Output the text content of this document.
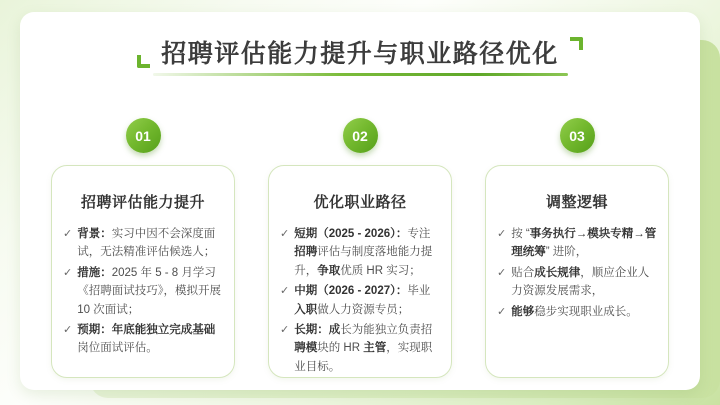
招聘评估能力提升与职业路径优化
01	02	03
招聘评估能力提升
✓ 背景：实习中因不会深度面试，无法精准评估候选人；
✓ 措施：2025 年 5 - 8 月学习《招聘面试技巧》，模拟开展 10 次面试；
✓ 预期：年底能独立完成基础岗位面试评估。
优化职业路径
✓ 短期（2025 - 2026）：专注招聘评估与制度落地能力提升，争取优质 HR 实习；
✓ 中期（2026 - 2027）：毕业入职做人力资源专员；
✓ 长期：成长为能独立负责招聘模块的 HR 主管，实现职业目标。
调整逻辑
✓ 按 “事务执行→模块专精→管理统筹” 进阶，
✓ 贴合成长规律，顺应企业人力资源发展需求，
✓ 能够稳步实现职业成长。
